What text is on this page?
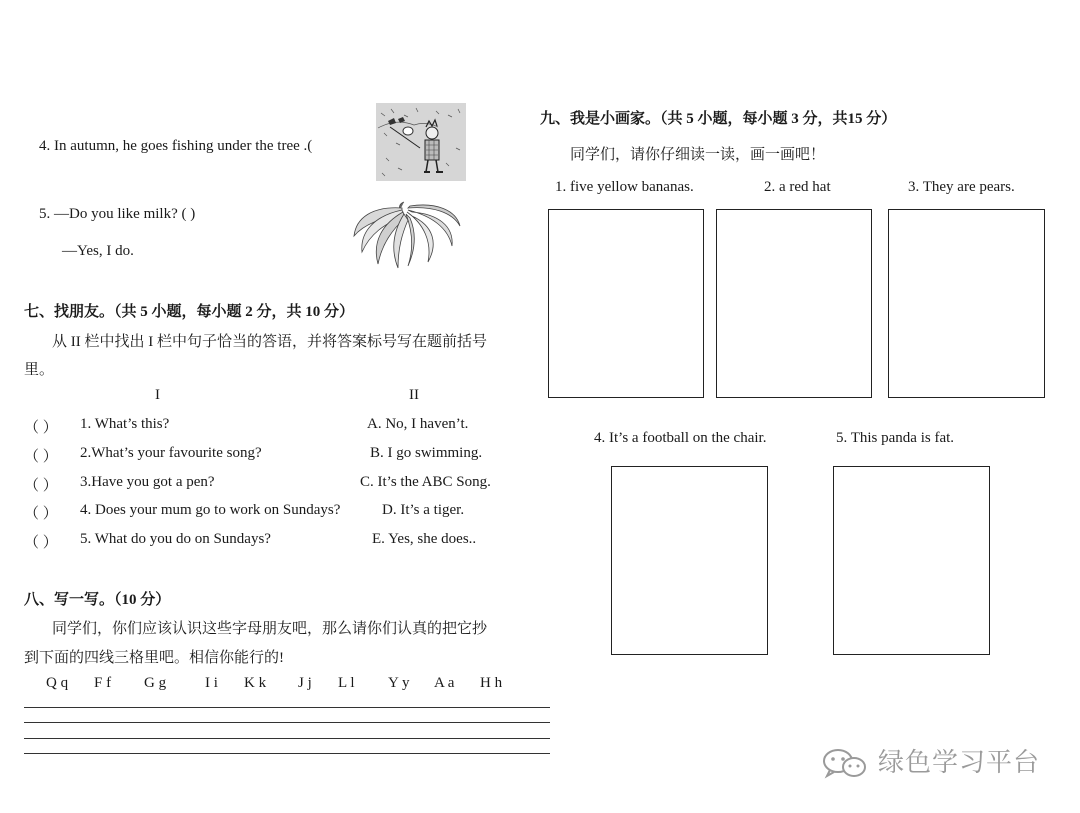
4. In autumn, he goes fishing under the tree .(
5. —Do you like milk? ( )
—Yes, I do.
七、找朋友。（共 5 小题，每小题 2 分，共 10 分）
从 II 栏中找出 I 栏中句子恰当的答语，并将答案标号写在题前括号
里。
I	II
（ ） 1. What’s this?	A. No, I haven’t.
（ ） 2.What’s your favourite song?	B. I go swimming.
（ ） 3.Have you got a pen?	C. It’s the ABC Song.
（ ） 4. Does your mum go to work on Sundays?	D. It’s a tiger.
（ ） 5. What do you do on Sundays?	E. Yes, she does..
八、写一写。（10 分）
同学们，你们应该认识这些字母朋友吧，那么请你们认真的把它抄
到下面的四线三格里吧。相信你能行的!
Q q F f G g	I i K k J j L l Y y A a H h
九、我是小画家。（共 5 小题，每小题 3 分，共15 分）
同学们，请你仔细读一读，画一画吧！
1. five yellow bananas.	2. a red hat	3. They are pears.
4. It’s a football on the chair.	5. This panda is fat.
绿色学习平台
